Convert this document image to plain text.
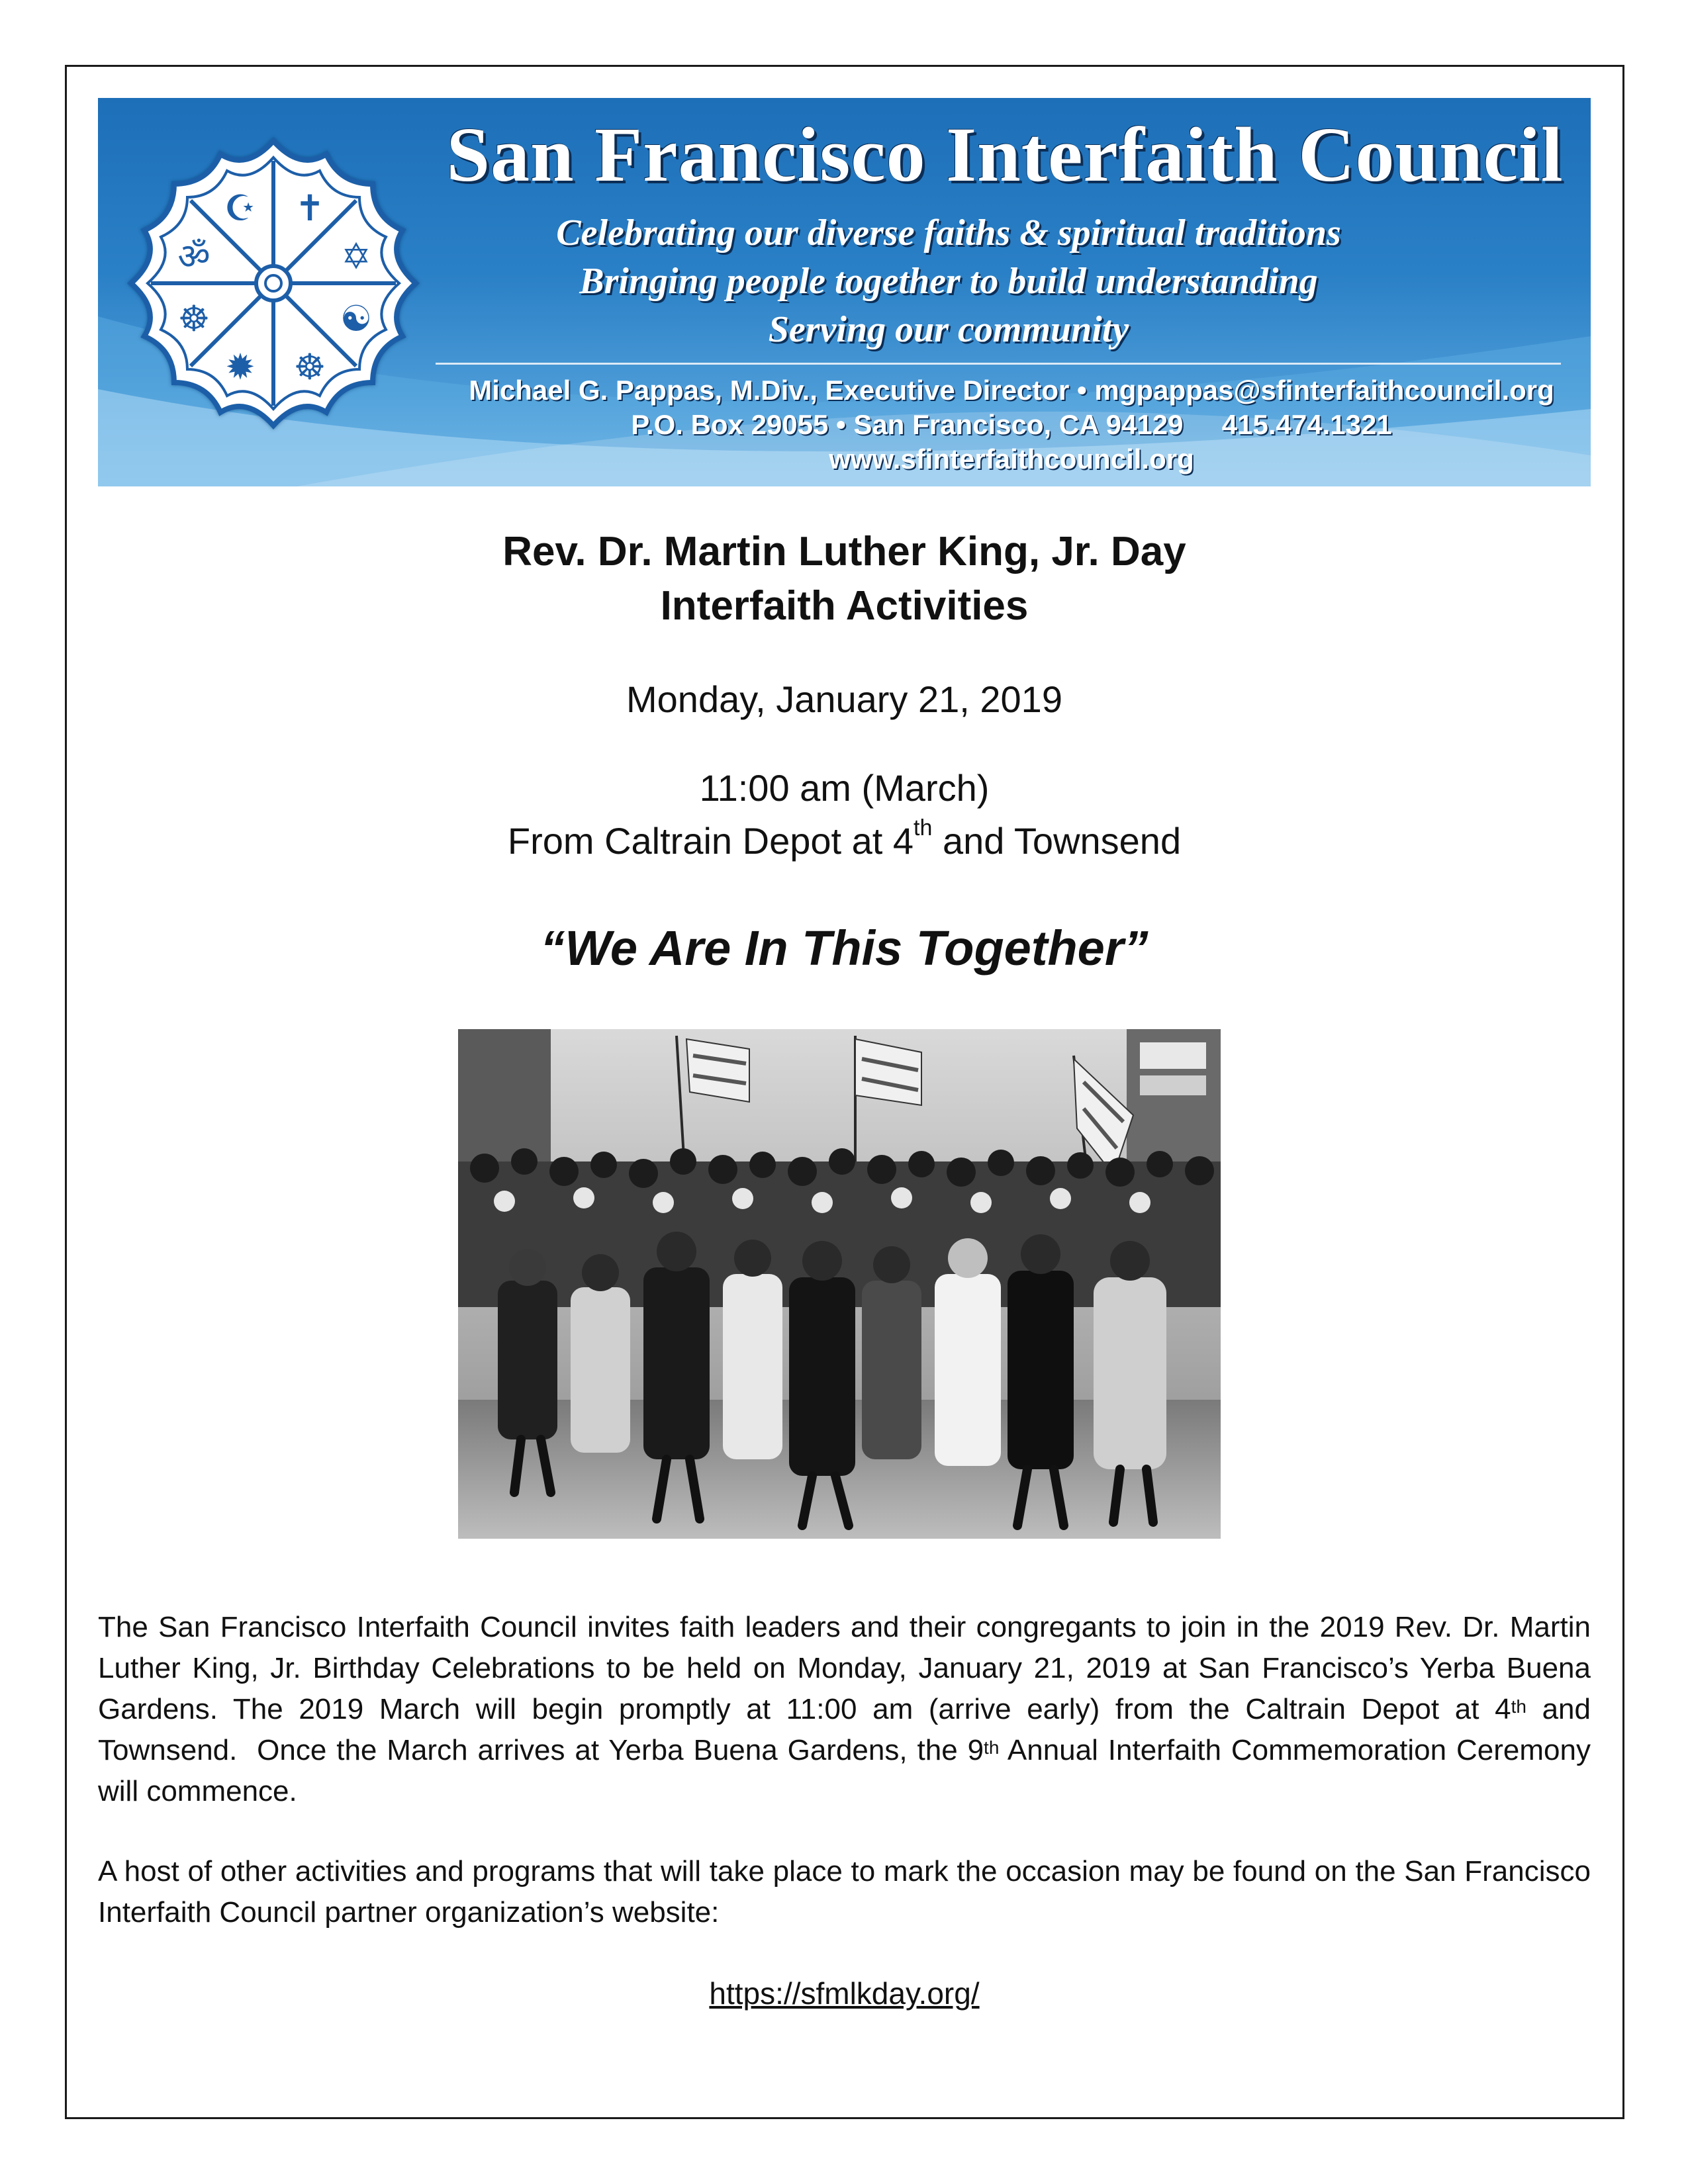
☪ ✝
ॐ	✡
☸	☯
✹ ☸
San Francisco Interfaith Council
Celebrating our diverse faiths & spiritual traditions
Bringing people together to build understanding
Serving our community
Michael G. Pappas, M.Div., Executive Director • mgpappas@sfinterfaithcouncil.org
P.O. Box 29055 • San Francisco, CA 94129     415.474.1321
www.sfinterfaithcouncil.org
Rev. Dr. Martin Luther King, Jr. Day
Interfaith Activities
Monday, January 21, 2019
11:00 am (March)
From Caltrain Depot at 4th and Townsend
“We Are In This Together”
The San Francisco Interfaith Council invites faith leaders and their congregants to join in the 2019 Rev. Dr. Martin Luther King, Jr. Birthday Celebrations to be held on Monday, January 21, 2019 at San Francisco’s Yerba Buena Gardens. The 2019 March will begin promptly at 11:00 am (arrive early) from the Caltrain Depot at 4th and Townsend.  Once the March arrives at Yerba Buena Gardens, the 9th Annual Interfaith Commemoration Ceremony will commence.
A host of other activities and programs that will take place to mark the occasion may be found on the San Francisco Interfaith Council partner organization’s website:
https://sfmlkday.org/
